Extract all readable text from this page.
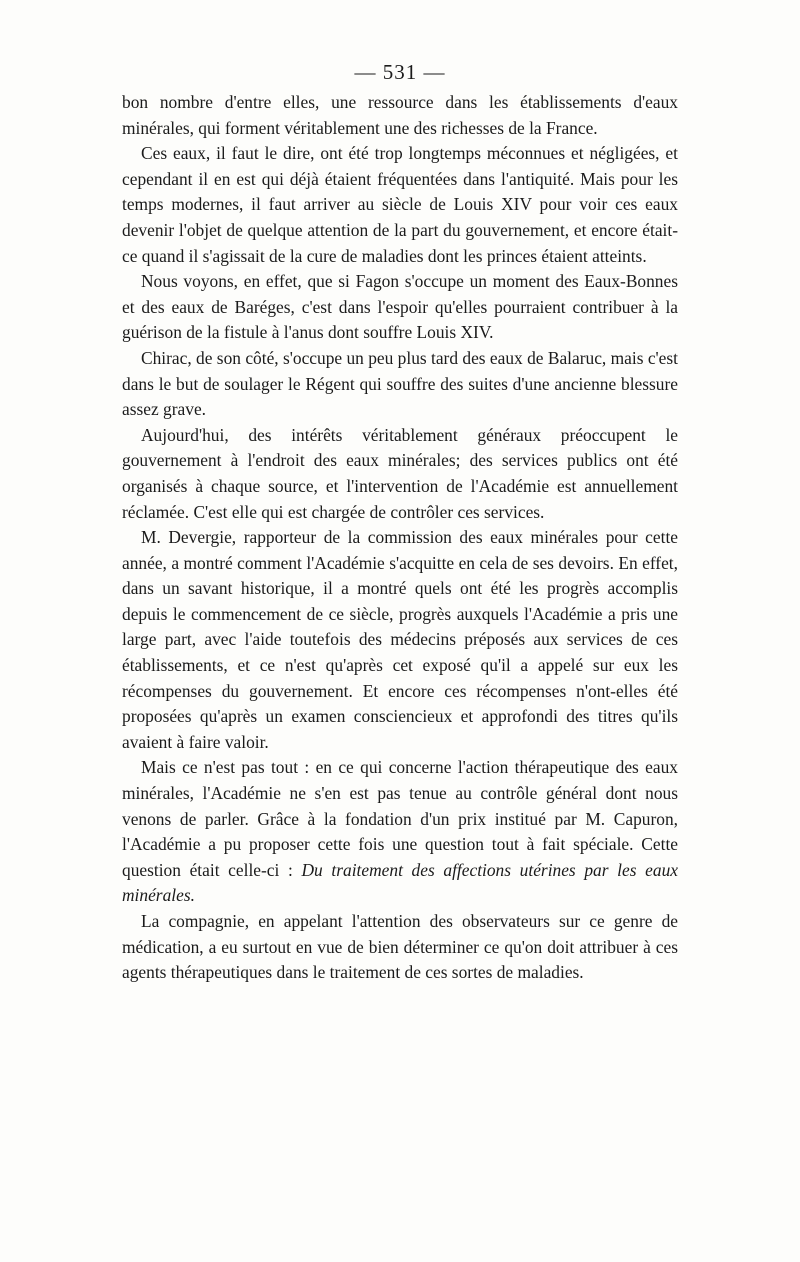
— 531 —

bon nombre d'entre elles, une ressource dans les établissements d'eaux minérales, qui forment véritablement une des richesses de la France.

Ces eaux, il faut le dire, ont été trop longtemps méconnues et négligées, et cependant il en est qui déjà étaient fréquentées dans l'antiquité. Mais pour les temps modernes, il faut arriver au siècle de Louis XIV pour voir ces eaux devenir l'objet de quelque attention de la part du gouvernement, et encore était-ce quand il s'agissait de la cure de maladies dont les princes étaient atteints.

Nous voyons, en effet, que si Fagon s'occupe un moment des Eaux-Bonnes et des eaux de Baréges, c'est dans l'espoir qu'elles pourraient contribuer à la guérison de la fistule à l'anus dont souffre Louis XIV.

Chirac, de son côté, s'occupe un peu plus tard des eaux de Balaruc, mais c'est dans le but de soulager le Régent qui souffre des suites d'une ancienne blessure assez grave.

Aujourd'hui, des intérêts véritablement généraux préoccupent le gouvernement à l'endroit des eaux minérales; des services publics ont été organisés à chaque source, et l'intervention de l'Académie est annuellement réclamée. C'est elle qui est chargée de contrôler ces services.

M. Devergie, rapporteur de la commission des eaux minérales pour cette année, a montré comment l'Académie s'acquitte en cela de ses devoirs. En effet, dans un savant historique, il a montré quels ont été les progrès accomplis depuis le commencement de ce siècle, progrès auxquels l'Académie a pris une large part, avec l'aide toutefois des médecins préposés aux services de ces établissements, et ce n'est qu'après cet exposé qu'il a appelé sur eux les récompenses du gouvernement. Et encore ces récompenses n'ont-elles été proposées qu'après un examen consciencieux et approfondi des titres qu'ils avaient à faire valoir.

Mais ce n'est pas tout : en ce qui concerne l'action thérapeutique des eaux minérales, l'Académie ne s'en est pas tenue au contrôle général dont nous venons de parler. Grâce à la fondation d'un prix institué par M. Capuron, l'Académie a pu proposer cette fois une question tout à fait spéciale. Cette question était celle-ci : Du traitement des affections utérines par les eaux minérales.

La compagnie, en appelant l'attention des observateurs sur ce genre de médication, a eu surtout en vue de bien déterminer ce qu'on doit attribuer à ces agents thérapeutiques dans le traitement de ces sortes de maladies.
